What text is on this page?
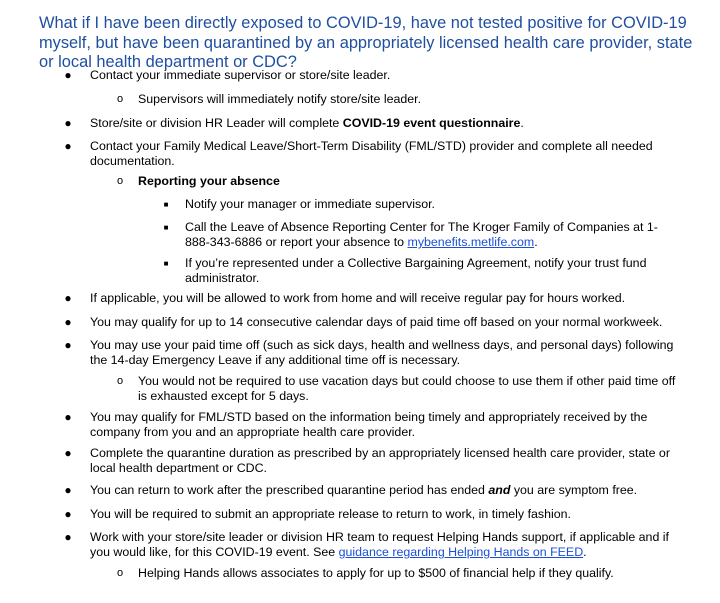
What if I have been directly exposed to COVID-19, have not tested positive for COVID-19 myself, but have been quarantined by an appropriately licensed health care provider, state or local health department or CDC?
● Contact your immediate supervisor or store/site leader.
o Supervisors will immediately notify store/site leader.
● Store/site or division HR Leader will complete COVID-19 event questionnaire.
● Contact your Family Medical Leave/Short-Term Disability (FML/STD) provider and complete all needed documentation.
o Reporting your absence
■ Notify your manager or immediate supervisor.
■ Call the Leave of Absence Reporting Center for The Kroger Family of Companies at 1-888-343-6886 or report your absence to mybenefits.metlife.com.
■ If you’re represented under a Collective Bargaining Agreement, notify your trust fund administrator.
● If applicable, you will be allowed to work from home and will receive regular pay for hours worked.
● You may qualify for up to 14 consecutive calendar days of paid time off based on your normal workweek.
● You may use your paid time off (such as sick days, health and wellness days, and personal days) following the 14-day Emergency Leave if any additional time off is necessary.
o You would not be required to use vacation days but could choose to use them if other paid time off is exhausted except for 5 days.
● You may qualify for FML/STD based on the information being timely and appropriately received by the company from you and an appropriate health care provider.
● Complete the quarantine duration as prescribed by an appropriately licensed health care provider, state or local health department or CDC.
● You can return to work after the prescribed quarantine period has ended and you are symptom free.
● You will be required to submit an appropriate release to return to work, in timely fashion.
● Work with your store/site leader or division HR team to request Helping Hands support, if applicable and if you would like, for this COVID-19 event. See guidance regarding Helping Hands on FEED.
o Helping Hands allows associates to apply for up to $500 of financial help if they qualify.
